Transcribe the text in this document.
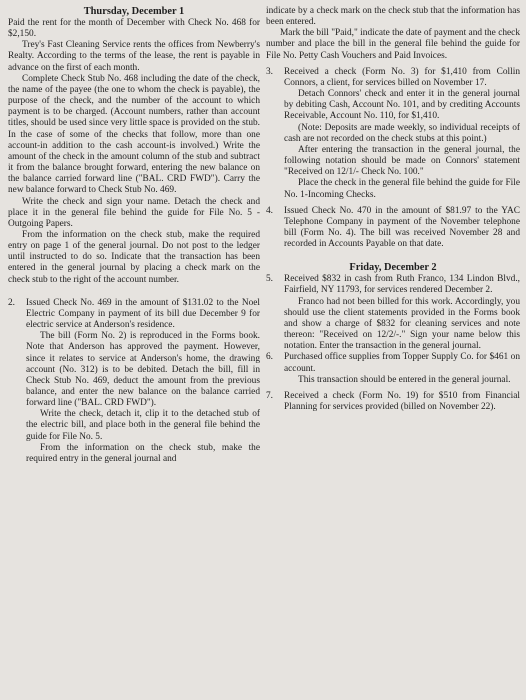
Thursday, December 1

Paid the rent for the month of December with Check No. 468 for $2,150.

Trey's Fast Cleaning Service rents the offices from Newberry's Realty. According to the terms of the lease, the rent is payable in advance on the first of each month.

Complete Check Stub No. 468 including the date of the check, the name of the payee (the one to whom the check is payable), the purpose of the check, and the number of the account to which payment is to be charged. (Account numbers, rather than account titles, should be used since very little space is provided on the stub. In the case of some of the checks that follow, more than one account-in addition to the cash account-is involved.) Write the amount of the check in the amount column of the stub and subtract it from the balance brought forward, entering the new balance on the balance carried forward line ("BAL. CRD FWD"). Carry the new balance forward to Check Stub No. 469.

Write the check and sign your name. Detach the check and place it in the general file behind the guide for File No. 5 - Outgoing Papers.

From the information on the check stub, make the required entry on page 1 of the general journal. Do not post to the ledger until instructed to do so. Indicate that the transaction has been entered in the general journal by placing a check mark on the check stub to the right of the account number.

2. Issued Check No. 469 in the amount of $131.02 to the Noel Electric Company in payment of its bill due December 9 for electric service at Anderson's residence.

The bill (Form No. 2) is reproduced in the Forms book. Note that Anderson has approved the payment. However, since it relates to service at Anderson's home, the drawing account (No. 312) is to be debited. Detach the bill, fill in Check Stub No. 469, deduct the amount from the previous balance, and enter the new balance on the balance carried forward line ("BAL. CRD FWD").

Write the check, detach it, clip it to the detached stub of the electric bill, and place both in the general file behind the guide for File No. 5.

From the information on the check stub, make the required entry in the general journal and

indicate by a check mark on the check stub that the information has been entered.

Mark the bill "Paid," indicate the date of payment and the check number and place the bill in the general file behind the guide for File No. Petty Cash Vouchers and Paid Invoices.

3. Received a check (Form No. 3) for $1,410 from Collin Connors, a client, for services billed on November 17.

Detach Connors' check and enter it in the general journal by debiting Cash, Account No. 101, and by crediting Accounts Receivable, Account No. 110, for $1,410.

(Note: Deposits are made weekly, so individual receipts of cash are not recorded on the check stubs at this point.)

After entering the transaction in the general journal, the following notation should be made on Connors' statement "Received on 12/1/- Check No. 100."

Place the check in the general file behind the guide for File No. 1-Incoming Checks.

4. Issued Check No. 470 in the amount of $81.97 to the YAC Telephone Company in payment of the November telephone bill (Form No. 4). The bill was received November 28 and recorded in Accounts Payable on that date.

Friday, December 2

5. Received $832 in cash from Ruth Franco, 134 Lindon Blvd., Fairfield, NY 11793, for services rendered December 2.

Franco had not been billed for this work. Accordingly, you should use the client statements provided in the Forms book and show a charge of $832 for cleaning services and note thereon: "Received on 12/2/-." Sign your name below this notation. Enter the transaction in the general journal.

6. Purchased office supplies from Topper Supply Co. for $461 on account.

This transaction should be entered in the general journal.

7. Received a check (Form No. 19) for $510 from Financial Planning for services provided (billed on November 22).
